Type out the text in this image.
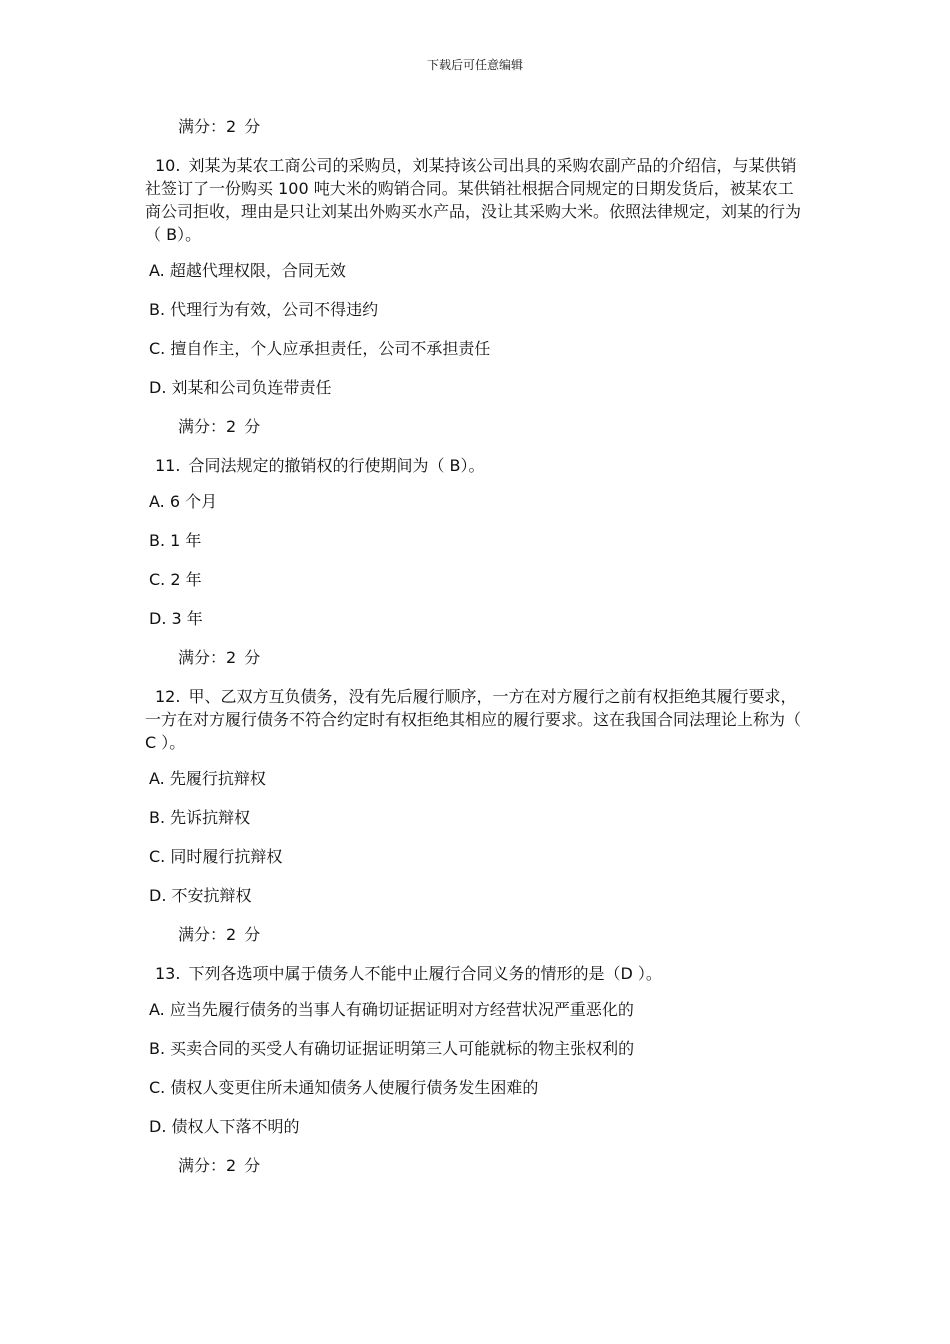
下载后可任意编辑
满分：2 分
10. 刘某为某农工商公司的采购员，刘某持该公司出具的采购农副产品的介绍信，与某供销社签订了一份购买 100 吨大米的购销合同。某供销社根据合同规定的日期发货后，被某农工商公司拒收，理由是只让刘某出外购买水产品，没让其采购大米。依照法律规定，刘某的行为（ B）。
A. 超越代理权限，合同无效
B. 代理行为有效，公司不得违约
C. 擅自作主，个人应承担责任，公司不承担责任
D. 刘某和公司负连带责任
满分：2 分
11. 合同法规定的撤销权的行使期间为（ B）。
A. 6 个月
B. 1 年
C. 2 年
D. 3 年
满分：2 分
12. 甲、乙双方互负债务，没有先后履行顺序，一方在对方履行之前有权拒绝其履行要求，一方在对方履行债务不符合约定时有权拒绝其相应的履行要求。这在我国合同法理论上称为（ C ）。
A. 先履行抗辩权
B. 先诉抗辩权
C. 同时履行抗辩权
D. 不安抗辩权
满分：2 分
13. 下列各选项中属于债务人不能中止履行合同义务的情形的是（D ）。
A. 应当先履行债务的当事人有确切证据证明对方经营状况严重恶化的
B. 买卖合同的买受人有确切证据证明第三人可能就标的物主张权利的
C. 债权人变更住所未通知债务人使履行债务发生困难的
D. 债权人下落不明的
满分：2 分
